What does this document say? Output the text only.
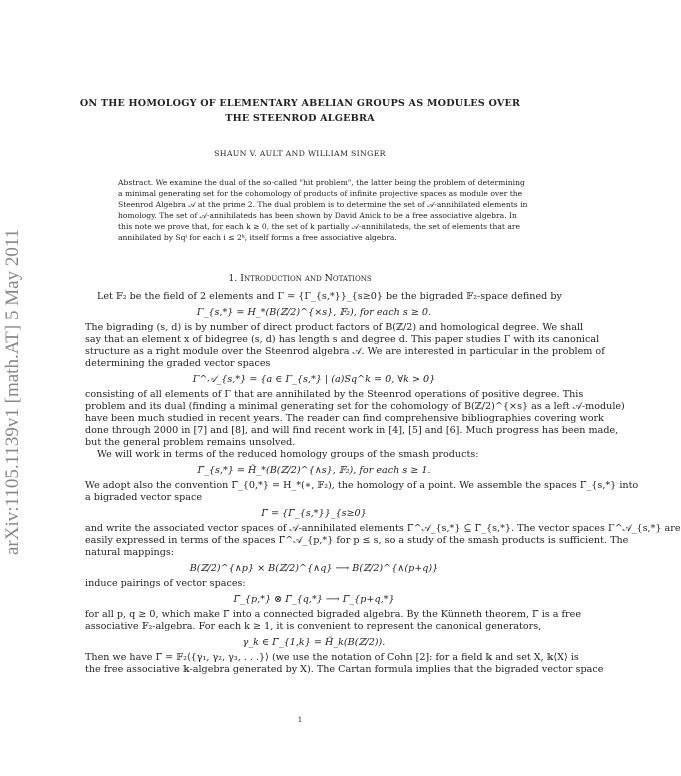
arXiv:1105.1139v1 [math.AT] 5 May 2011
ON THE HOMOLOGY OF ELEMENTARY ABELIAN GROUPS AS MODULES OVER
THE STEENROD ALGEBRA
SHAUN V. AULT AND WILLIAM SINGER
Abstract. We examine the dual of the so-called "hit problem", the latter being the problem of determining
a minimal generating set for the cohomology of products of infinite projective spaces as module over the
Steenrod Algebra 𝒜 at the prime 2. The dual problem is to determine the set of 𝒜-annihilated elements in
homology. The set of 𝒜-annihilateds has been shown by David Anick to be a free associative algebra. In
this note we prove that, for each k ≥ 0, the set of k partially 𝒜-annihilateds, the set of elements that are
annihilated by Sqⁱ for each i ≤ 2ᵏ, itself forms a free associative algebra.
1. Introduction and Notations
Let 𝔽₂ be the field of 2 elements and Γ = {Γ_{s,*}}_{s≥0} be the bigraded 𝔽₂-space defined by
Γ_{s,*} = H_*(B(ℤ/2)^{×s}, 𝔽₂), for each s ≥ 0.
The bigrading (s, d) is by number of direct product factors of B(ℤ/2) and homological degree. We shall
say that an element x of bidegree (s, d) has length s and degree d. This paper studies Γ with its canonical
structure as a right module over the Steenrod algebra 𝒜. We are interested in particular in the problem of
determining the graded vector spaces
Γ^𝒜_{s,*} = {a ∈ Γ_{s,*} | (a)Sq^k = 0, ∀k > 0}
consisting of all elements of Γ that are annihilated by the Steenrod operations of positive degree. This
problem and its dual (finding a minimal generating set for the cohomology of B(ℤ/2)^{×s} as a left 𝒜-module)
have been much studied in recent years. The reader can find comprehensive bibliographies covering work
done through 2000 in [7] and [8], and will find recent work in [4], [5] and [6]. Much progress has been made,
but the general problem remains unsolved.
We will work in terms of the reduced homology groups of the smash products:
Γ̃_{s,*} = H̃_*(B(ℤ/2)^{∧s}, 𝔽₂), for each s ≥ 1.
We adopt also the convention Γ̃_{0,*} = H_*(∗, 𝔽₂), the homology of a point. We assemble the spaces Γ̃_{s,*} into
a bigraded vector space
Γ̃ = {Γ̃_{s,*}}_{s≥0}
and write the associated vector spaces of 𝒜-annihilated elements Γ̃^𝒜_{s,*} ⊆ Γ̃_{s,*}. The vector spaces Γ^𝒜_{s,*} are
easily expressed in terms of the spaces Γ̃^𝒜_{p,*} for p ≤ s, so a study of the smash products is sufficient. The
natural mappings:
B(ℤ/2)^{∧p} × B(ℤ/2)^{∧q} ⟶ B(ℤ/2)^{∧(p+q)}
induce pairings of vector spaces:
Γ̃_{p,*} ⊗ Γ̃_{q,*} ⟶ Γ̃_{p+q,*}
for all p, q ≥ 0, which make Γ̃ into a connected bigraded algebra. By the Künneth theorem, Γ̃ is a free
associative 𝔽₂-algebra. For each k ≥ 1, it is convenient to represent the canonical generators,
γ_k ∈ Γ̃_{1,k} = H̃_k(B(ℤ/2)).
Then we have Γ̃ = 𝔽₂⟨{γ₁, γ₂, γ₃, . . .}⟩ (we use the notation of Cohn [2]: for a field 𝕜 and set X, 𝕜⟨X⟩ is
the free associative 𝕜-algebra generated by X). The Cartan formula implies that the bigraded vector space
1
